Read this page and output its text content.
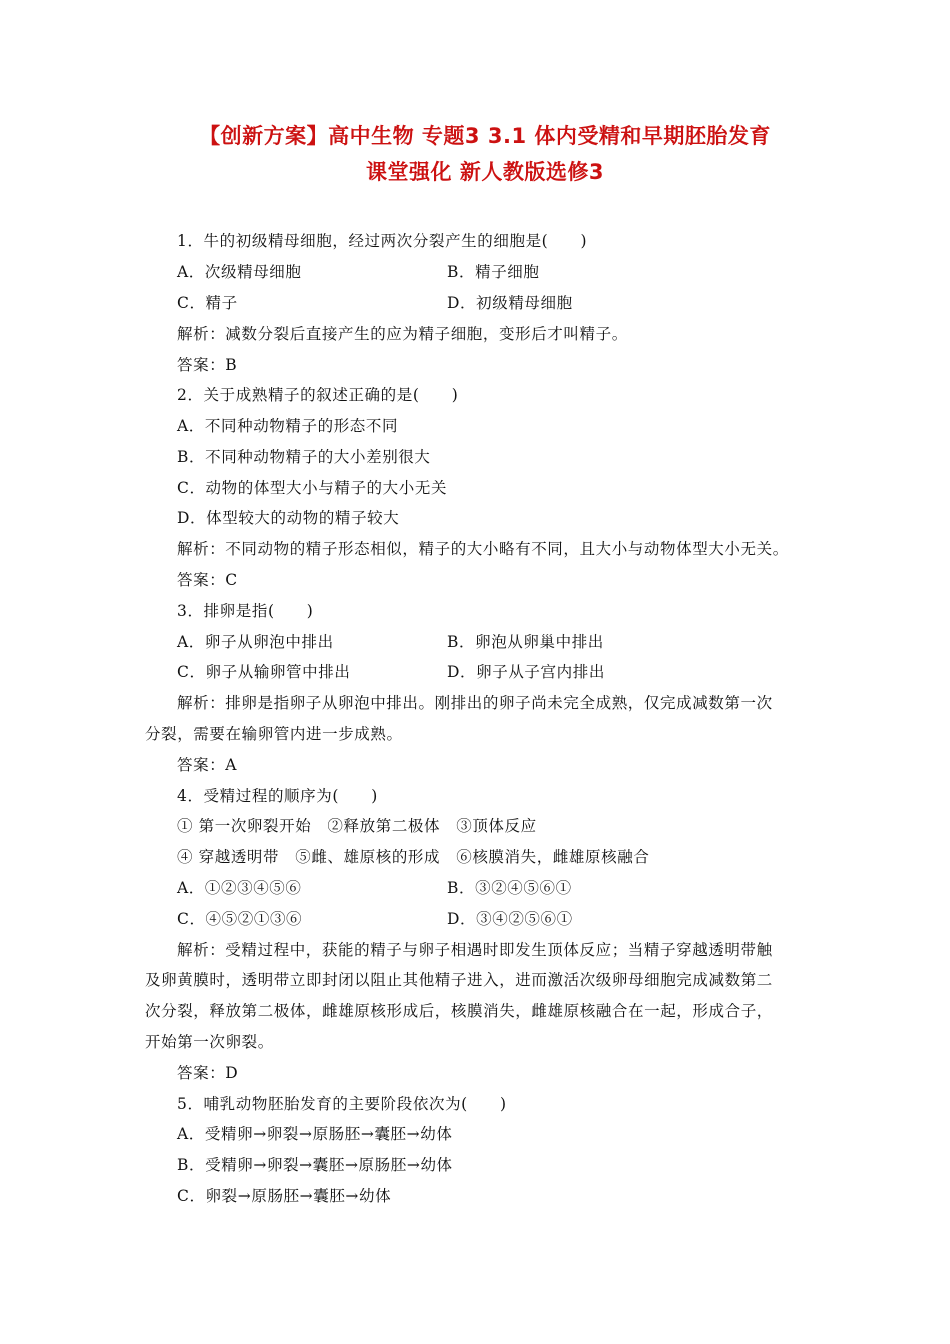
【创新方案】高中生物 专题3 3.1 体内受精和早期胚胎发育
课堂强化 新人教版选修3
1．牛的初级精母细胞，经过两次分裂产生的细胞是(　　)
A．次级精母细胞	B．精子细胞
C．精子	D．初级精母细胞
解析：减数分裂后直接产生的应为精子细胞，变形后才叫精子。
答案：B
2．关于成熟精子的叙述正确的是(　　)
A．不同种动物精子的形态不同
B．不同种动物精子的大小差别很大
C．动物的体型大小与精子的大小无关
D．体型较大的动物的精子较大
解析：不同动物的精子形态相似，精子的大小略有不同，且大小与动物体型大小无关。
答案：C
3．排卵是指(　　)
A．卵子从卵泡中排出	B．卵泡从卵巢中排出
C．卵子从输卵管中排出	D．卵子从子宫内排出
解析：排卵是指卵子从卵泡中排出。刚排出的卵子尚未完全成熟，仅完成减数第一次
分裂，需要在输卵管内进一步成熟。
答案：A
4．受精过程的顺序为(　　)
① 第一次卵裂开始　②释放第二极体　③顶体反应
④ 穿越透明带　⑤雌、雄原核的形成　⑥核膜消失，雌雄原核融合
A．①②③④⑤⑥	B．③②④⑤⑥①
C．④⑤②①③⑥	D．③④②⑤⑥①
解析：受精过程中，获能的精子与卵子相遇时即发生顶体反应；当精子穿越透明带触
及卵黄膜时，透明带立即封闭以阻止其他精子进入，进而激活次级卵母细胞完成减数第二
次分裂，释放第二极体，雌雄原核形成后，核膜消失，雌雄原核融合在一起，形成合子，
开始第一次卵裂。
答案：D
5．哺乳动物胚胎发育的主要阶段依次为(　　)
A．受精卵→卵裂→原肠胚→囊胚→幼体
B．受精卵→卵裂→囊胚→原肠胚→幼体
C．卵裂→原肠胚→囊胚→幼体
